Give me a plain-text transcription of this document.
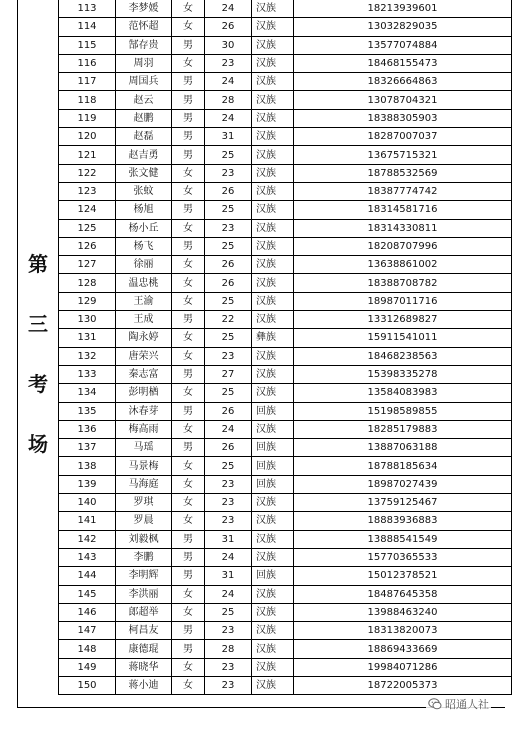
第
三
考
场
113	李梦媛	女	24	汉族	18213939601
114	范怀超	女	26	汉族	13032829035
115	郜存贵	男	30	汉族	13577074884
116	周羽	女	23	汉族	18468155473
117	周国兵	男	24	汉族	18326664863
118	赵云	男	28	汉族	13078704321
119	赵鹏	男	24	汉族	18388305903
120	赵磊	男	31	汉族	18287007037
121	赵吉勇	男	25	汉族	13675715321
122	张文健	女	23	汉族	18788532569
123	张蚊	女	26	汉族	18387774742
124	杨旭	男	25	汉族	18314581716
125	杨小丘	女	23	汉族	18314330811
126	杨飞	男	25	汉族	18208707996
127	徐丽	女	26	汉族	13638861002
128	温忠桃	女	26	汉族	18388708782
129	王渝	女	25	汉族	18987011716
130	王成	男	22	汉族	13312689827
131	陶永婷	女	25	彝族	15911541011
132	唐荣兴	女	23	汉族	18468238563
133	秦志富	男	27	汉族	15398335278
134	彭明楢	女	25	汉族	13584083983
135	沐春芽	男	26	回族	15198589855
136	梅高雨	女	24	汉族	18285179883
137	马瑶	男	26	回族	13887063188
138	马景梅	女	25	回族	18788185634
139	马海庭	女	23	回族	18987027439
140	罗琪	女	23	汉族	13759125467
141	罗晨	女	23	汉族	18883936883
142	刘毅枫	男	31	汉族	13888541549
143	李鹏	男	24	汉族	15770365533
144	李明辉	男	31	回族	15012378521
145	李洪丽	女	24	汉族	18487645358
146	郎超举	女	25	汉族	13988463240
147	柯昌友	男	23	汉族	18313820073
148	康德琨	男	28	汉族	18869433669
149	蒋晓华	女	23	汉族	19984071286
150	蒋小迪	女	23	汉族	18722005373
昭通人社
